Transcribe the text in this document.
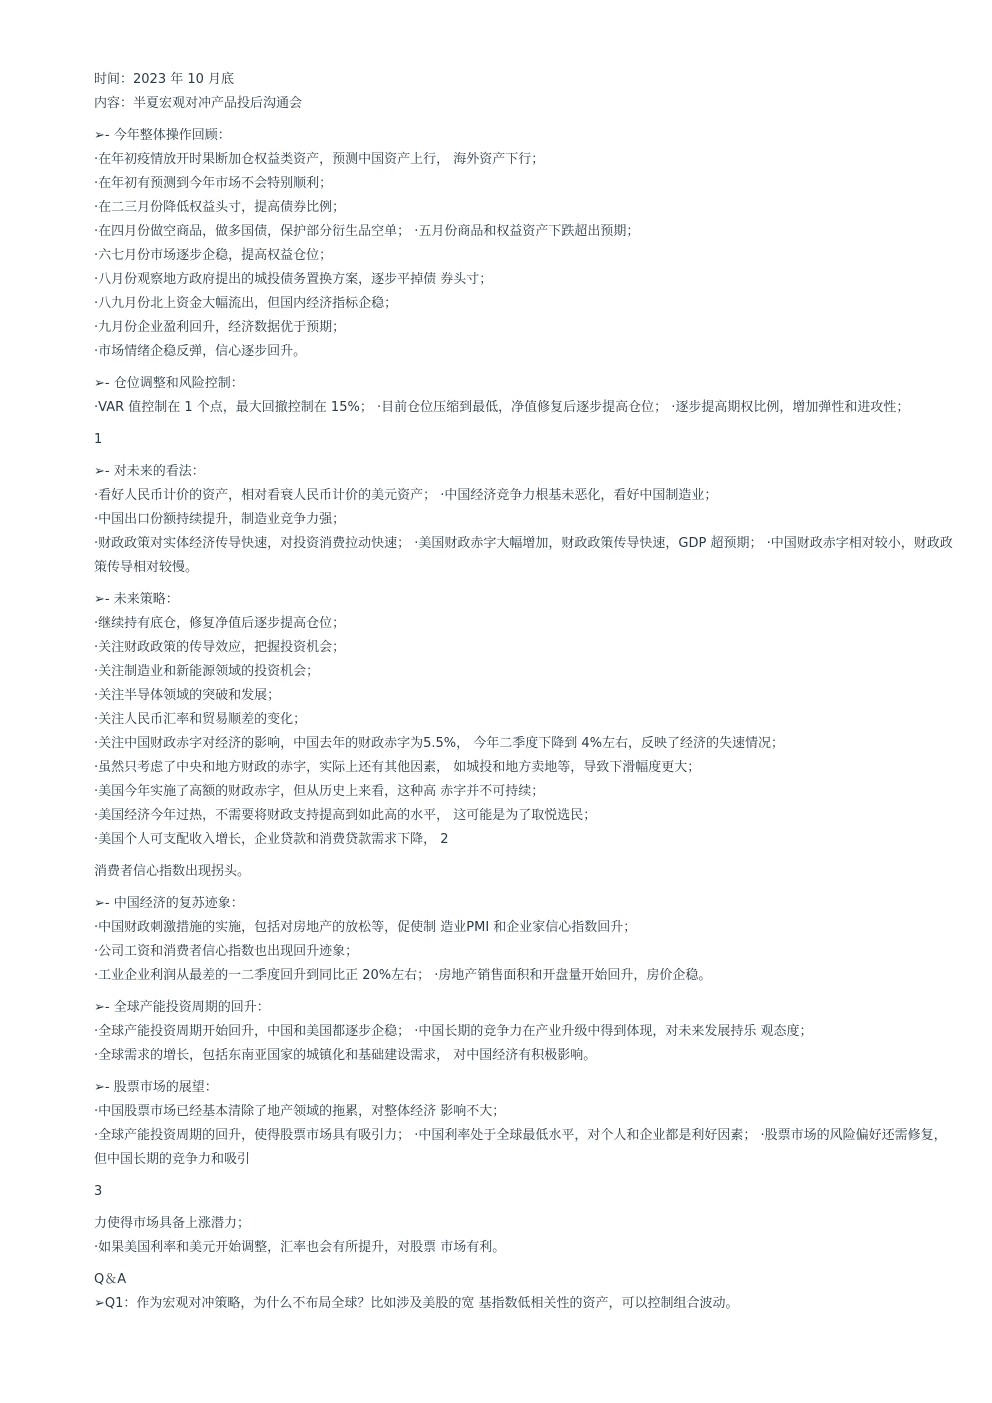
时间：2023 年 10 月底

内容：半夏宏观对冲产品投后沟通会

➢- 今年整体操作回顾：

·在年初疫情放开时果断加仓权益类资产，预测中国资产上行， 海外资产下行；

·在年初有预测到今年市场不会特别顺利；

·在二三月份降低权益头寸，提高债券比例；

·在四月份做空商品，做多国债，保护部分衍生品空单； ·五月份商品和权益资产下跌超出预期；

·六七月份市场逐步企稳，提高权益仓位；

·八月份观察地方政府提出的城投债务置换方案，逐步平掉债 券头寸；

·八九月份北上资金大幅流出，但国内经济指标企稳；

·九月份企业盈利回升，经济数据优于预期；

·市场情绪企稳反弹，信心逐步回升。

➢- 仓位调整和风险控制：

·VAR 值控制在 1 个点，最大回撤控制在 15%； ·目前仓位压缩到最低，净值修复后逐步提高仓位； ·逐步提高期权比例，增加弹性和进攻性；

1

➢- 对未来的看法：

·看好人民币计价的资产，相对看衰人民币计价的美元资产； ·中国经济竞争力根基未恶化，看好中国制造业；

·中国出口份额持续提升，制造业竞争力强；

·财政政策对实体经济传导快速，对投资消费拉动快速； ·美国财政赤字大幅增加，财政政策传导快速，GDP 超预期； ·中国财政赤字相对较小，财政政策传导相对较慢。

➢- 未来策略：

·继续持有底仓，修复净值后逐步提高仓位；

·关注财政政策的传导效应，把握投资机会；

·关注制造业和新能源领域的投资机会；

·关注半导体领域的突破和发展；

·关注人民币汇率和贸易顺差的变化；

·关注中国财政赤字对经济的影响，中国去年的财政赤字为5.5%， 今年二季度下降到 4%左右，反映了经济的失速情况；

·虽然只考虑了中央和地方财政的赤字，实际上还有其他因素， 如城投和地方卖地等，导致下滑幅度更大；

·美国今年实施了高额的财政赤字，但从历史上来看，这种高 赤字并不可持续；

·美国经济今年过热，不需要将财政支持提高到如此高的水平， 这可能是为了取悦选民；

·美国个人可支配收入增长，企业贷款和消费贷款需求下降， 2

消费者信心指数出现拐头。

➢- 中国经济的复苏迹象：

·中国财政刺激措施的实施，包括对房地产的放松等，促使制 造业PMI 和企业家信心指数回升；

·公司工资和消费者信心指数也出现回升迹象；

·工业企业利润从最差的一二季度回升到同比正 20%左右； ·房地产销售面积和开盘量开始回升，房价企稳。

➢- 全球产能投资周期的回升：

·全球产能投资周期开始回升，中国和美国都逐步企稳； ·中国长期的竞争力在产业升级中得到体现，对未来发展持乐 观态度；

·全球需求的增长，包括东南亚国家的城镇化和基础建设需求， 对中国经济有积极影响。

➢- 股票市场的展望：

·中国股票市场已经基本清除了地产领域的拖累，对整体经济 影响不大；

·全球产能投资周期的回升，使得股票市场具有吸引力； ·中国利率处于全球最低水平，对个人和企业都是利好因素； ·股票市场的风险偏好还需修复，但中国长期的竞争力和吸引

3

力使得市场具备上涨潜力；

·如果美国利率和美元开始调整，汇率也会有所提升，对股票 市场有利。

Q＆A

➢Q1：作为宏观对冲策略，为什么不布局全球？比如涉及美股的宽 基指数低相关性的资产，可以控制组合波动。
